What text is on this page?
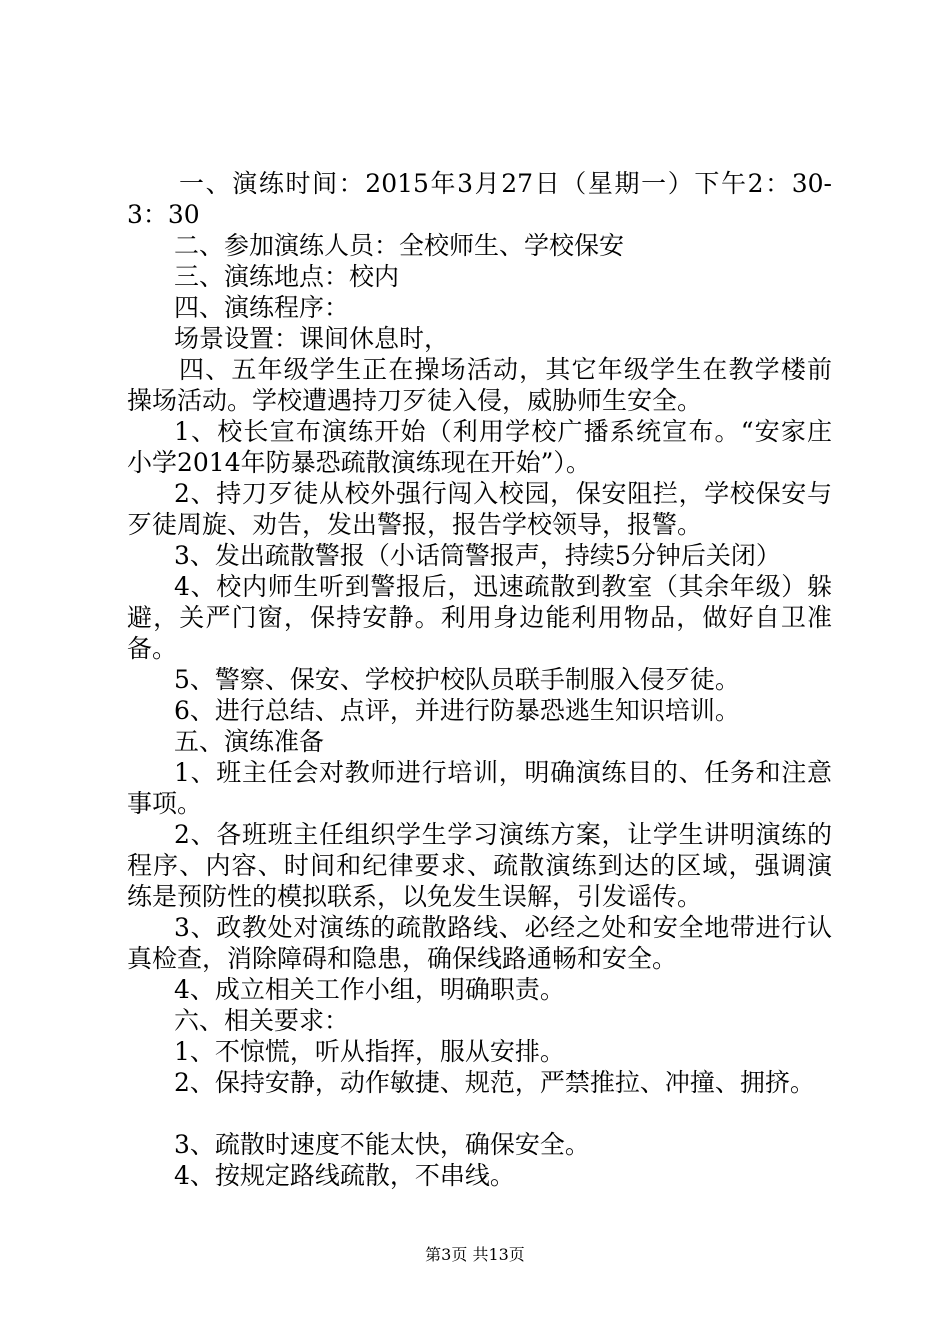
一、演练时间：2015年3月27日（星期一）下午2：30-
3：30
二、参加演练人员：全校师生、学校保安
三、演练地点：校内
四、演练程序：
场景设置：课间休息时，
四、五年级学生正在操场活动，其它年级学生在教学楼前
操场活动。学校遭遇持刀歹徒入侵，威胁师生安全。
1、校长宣布演练开始（利用学校广播系统宣布。“安家庄
小学2014年防暴恐疏散演练现在开始”）。
2、持刀歹徒从校外强行闯入校园，保安阻拦，学校保安与
歹徒周旋、劝告，发出警报，报告学校领导，报警。
3、发出疏散警报（小话筒警报声，持续5分钟后关闭）
4、校内师生听到警报后，迅速疏散到教室（其余年级）躲
避，关严门窗，保持安静。利用身边能利用物品，做好自卫准
备。
5、警察、保安、学校护校队员联手制服入侵歹徒。
6、进行总结、点评，并进行防暴恐逃生知识培训。
五、演练准备
1、班主任会对教师进行培训，明确演练目的、任务和注意
事项。
2、各班班主任组织学生学习演练方案，让学生讲明演练的
程序、内容、时间和纪律要求、疏散演练到达的区域，强调演
练是预防性的模拟联系，以免发生误解，引发谣传。
3、政教处对演练的疏散路线、必经之处和安全地带进行认
真检查，消除障碍和隐患，确保线路通畅和安全。
4、成立相关工作小组，明确职责。
六、相关要求：
1、不惊慌，听从指挥，服从安排。
2、保持安静，动作敏捷、规范，严禁推拉、冲撞、拥挤。
3、疏散时速度不能太快，确保安全。
4、按规定路线疏散，不串线。
第3页 共13页
